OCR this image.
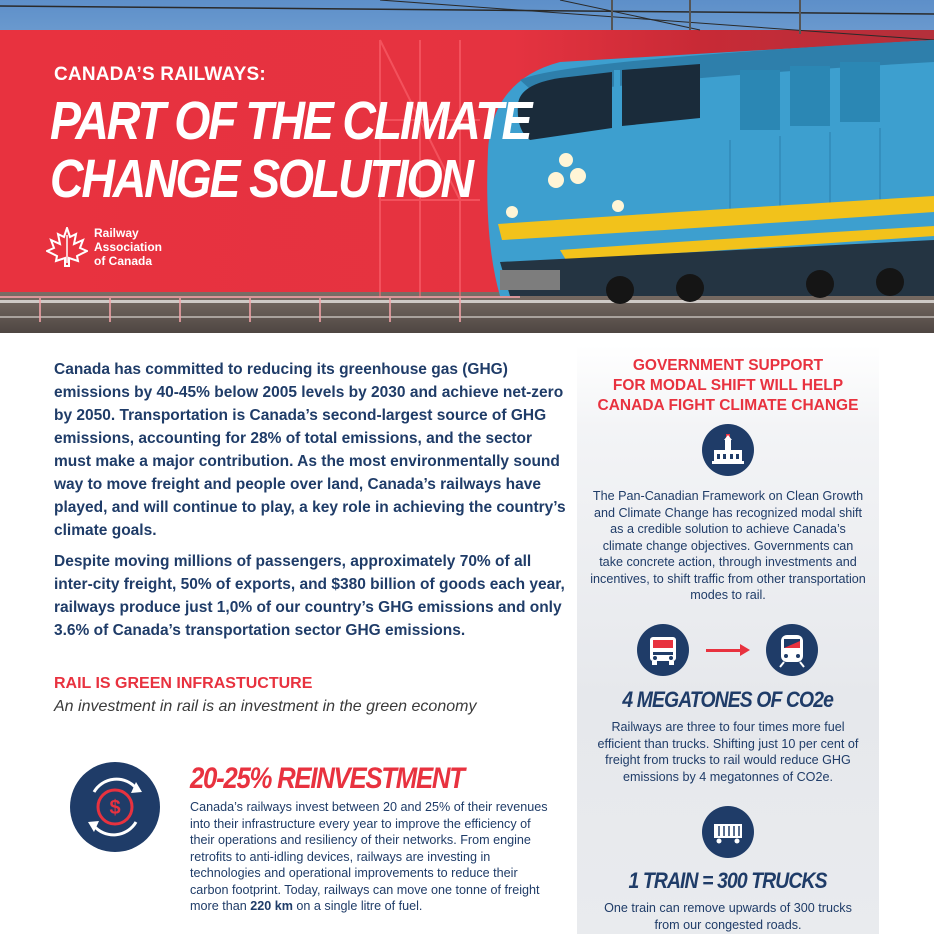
CANADA’S RAILWAYS:
PART OF THE CLIMATE
CHANGE SOLUTION
Railway Association
of Canada

Canada has committed to reducing its greenhouse gas (GHG) emissions by 40-45% below 2005 levels by 2030 and achieve net-zero by 2050. Transportation is Canada’s second-largest source of GHG emissions, accounting for 28% of total emissions, and the sector must make a major contribution. As the most environmentally sound way to move freight and people over land, Canada’s railways have played, and will continue to play, a key role in achieving the country’s climate goals.

Despite moving millions of passengers, approximately 70% of all inter-city freight, 50% of exports, and $380 billion of goods each year, railways produce just 1,0% of our country’s GHG emissions and only 3.6% of Canada’s transportation sector GHG emissions.

RAIL IS GREEN INFRASTUCTURE
An investment in rail is an investment in the green economy
$
20-25% REINVESTMENT
Canada’s railways invest between 20 and 25% of their revenues into their infrastructure every year to improve the efficiency of their operations and resiliency of their networks. From engine retrofits to anti-idling devices, railways are investing in technologies and operational improvements to reduce their carbon footprint. Today, railways can move one tonne of freight more than 220 km on a single litre of fuel.
GOVERNMENT SUPPORT
FOR MODAL SHIFT WILL HELP
CANADA FIGHT CLIMATE CHANGE
The Pan-Canadian Framework on Clean Growth and Climate Change has recognized modal shift as a credible solution to achieve Canada’s climate change objectives. Governments can take concrete action, through investments and incentives, to shift traffic from other transportation modes to rail.
4 MEGATONES OF CO2e
Railways are three to four times more fuel efficient than trucks. Shifting just 10 per cent of freight from trucks to rail would reduce GHG emissions by 4 megatonnes of CO2e.
1 TRAIN = 300 TRUCKS
One train can remove upwards of 300 trucks from our congested roads.
